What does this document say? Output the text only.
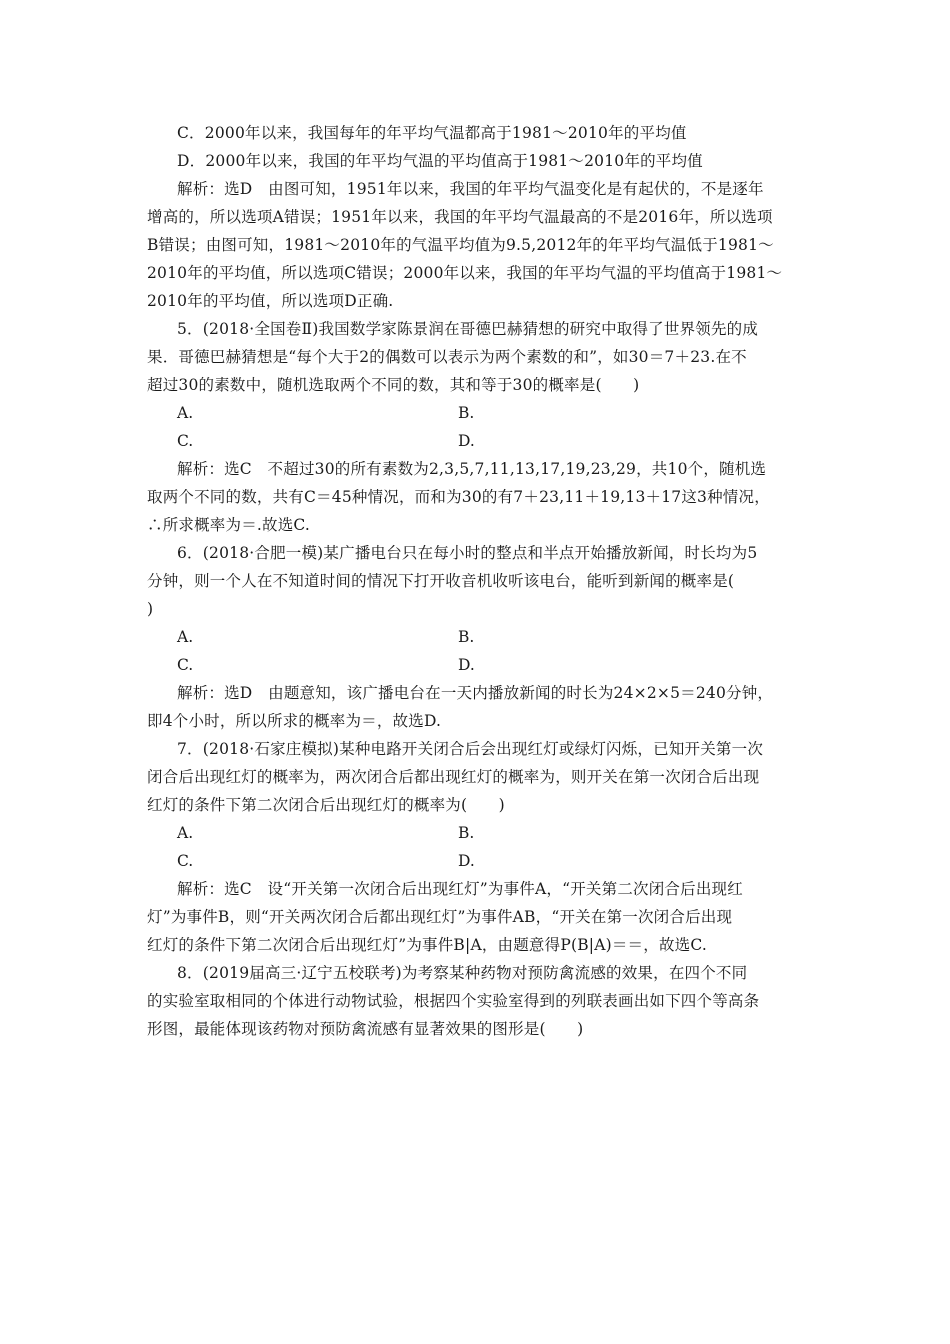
C．2000年以来，我国每年的年平均气温都高于1981～2010年的平均值
D．2000年以来，我国的年平均气温的平均值高于1981～2010年的平均值
解析：选D　由图可知，1951年以来，我国的年平均气温变化是有起伏的，不是逐年
增高的，所以选项A错误；1951年以来，我国的年平均气温最高的不是2016年，所以选项
B错误；由图可知，1981～2010年的气温平均值为9.5,2012年的年平均气温低于1981～
2010年的平均值，所以选项C错误；2000年以来，我国的年平均气温的平均值高于1981～
2010年的平均值，所以选项D正确.
5．(2018·全国卷Ⅱ)我国数学家陈景润在哥德巴赫猜想的研究中取得了世界领先的成
果．哥德巴赫猜想是“每个大于2的偶数可以表示为两个素数的和”，如30＝7＋23.在不
超过30的素数中，随机选取两个不同的数，其和等于30的概率是(　　)
A.	B.
C.	D.
解析：选C　不超过30的所有素数为2,3,5,7,11,13,17,19,23,29，共10个，随机选
取两个不同的数，共有C＝45种情况，而和为30的有7＋23,11＋19,13＋17这3种情况，
∴所求概率为＝.故选C.
6．(2018·合肥一模)某广播电台只在每小时的整点和半点开始播放新闻，时长均为5
分钟，则一个人在不知道时间的情况下打开收音机收听该电台，能听到新闻的概率是(
)
A.	B.
C.	D.
解析：选D　由题意知，该广播电台在一天内播放新闻的时长为24×2×5＝240分钟，
即4个小时，所以所求的概率为＝，故选D.
7．(2018·石家庄模拟)某种电路开关闭合后会出现红灯或绿灯闪烁，已知开关第一次
闭合后出现红灯的概率为，两次闭合后都出现红灯的概率为，则开关在第一次闭合后出现
红灯的条件下第二次闭合后出现红灯的概率为(　　)
A.	B.
C.	D.
解析：选C　设“开关第一次闭合后出现红灯”为事件A，“开关第二次闭合后出现红
灯”为事件B，则“开关两次闭合后都出现红灯”为事件AB，“开关在第一次闭合后出现
红灯的条件下第二次闭合后出现红灯”为事件B|A，由题意得P(B|A)＝＝，故选C.
8．(2019届高三·辽宁五校联考)为考察某种药物对预防禽流感的效果，在四个不同
的实验室取相同的个体进行动物试验，根据四个实验室得到的列联表画出如下四个等高条
形图，最能体现该药物对预防禽流感有显著效果的图形是(　　)
